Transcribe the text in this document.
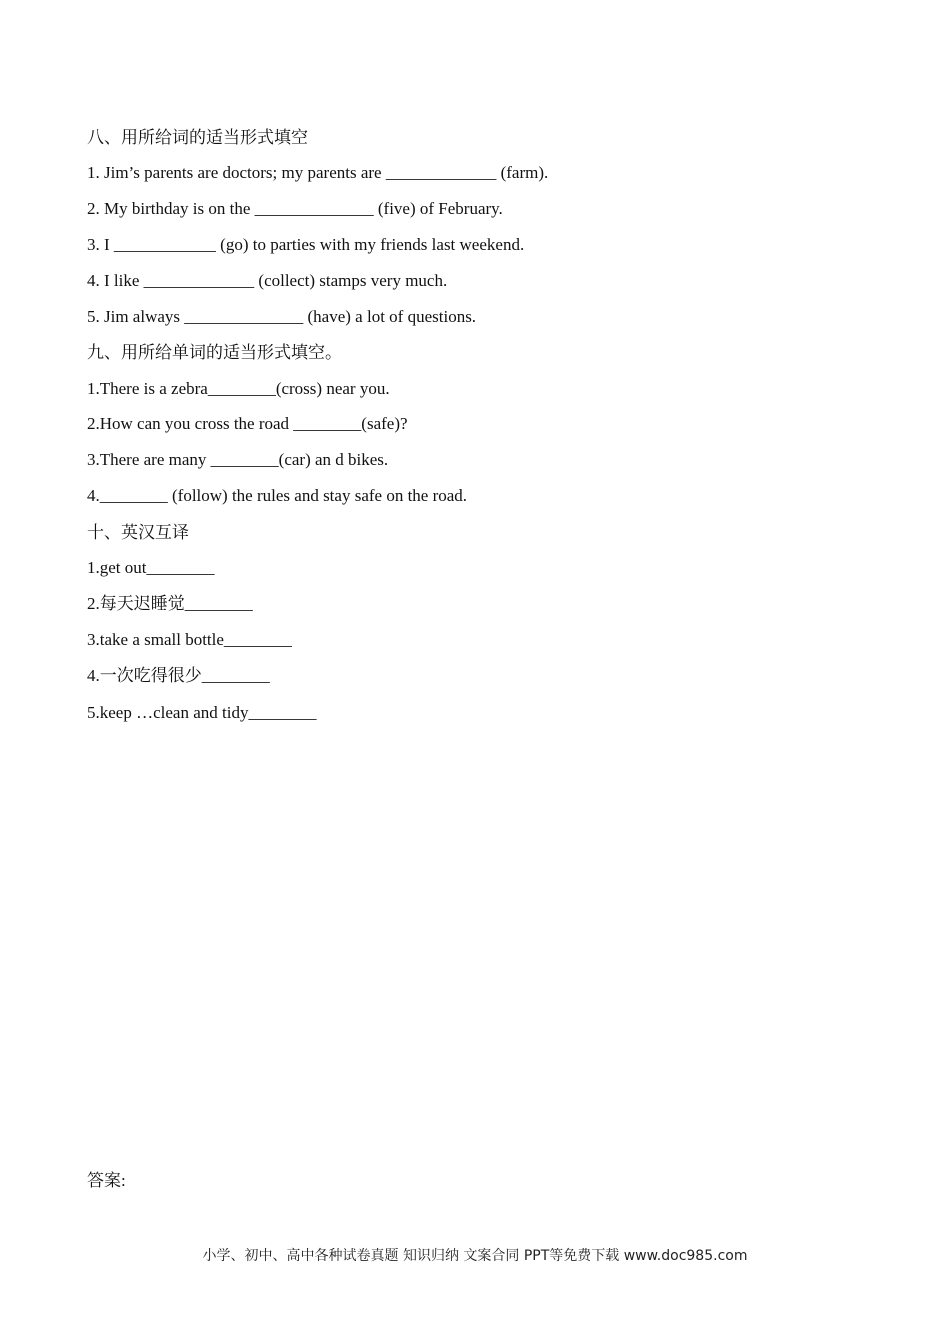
八、用所给词的适当形式填空
1. Jim’s parents are doctors; my parents are _____________ (farm).
2. My birthday is on the ______________ (five) of February.
3. I ____________ (go) to parties with my friends last weekend.
4. I like _____________ (collect) stamps very much.
5. Jim always ______________ (have) a lot of questions.
九、用所给单词的适当形式填空。
1.There is a zebra________(cross) near you.
2.How can you cross the road ________(safe)?
3.There are many ________(car) an d bikes.
4.________ (follow) the rules and stay safe on the road.
十、英汉互译
1.get out________
2.每天迟睡觉________
3.take a small bottle________
4.一次吃得很少________
5.keep …clean and tidy________
答案:
小学、初中、高中各种试卷真题 知识归纳 文案合同 PPT等免费下载 www.doc985.com
